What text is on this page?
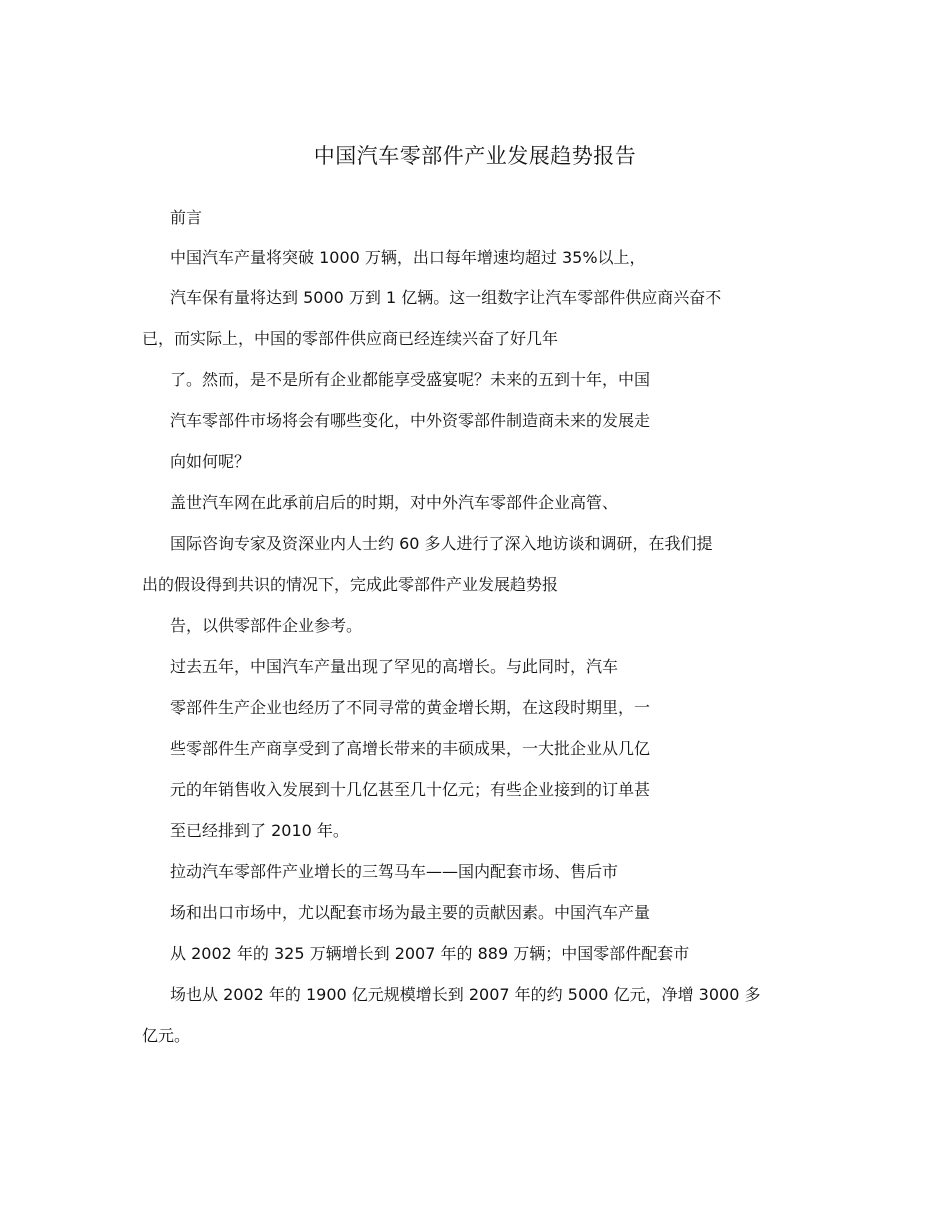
中国汽车零部件产业发展趋势报告
前言
中国汽车产量将突破 1000 万辆，出口每年增速均超过 35%以上，
汽车保有量将达到 5000 万到 1 亿辆。这一组数字让汽车零部件供应商兴奋不
已，而实际上，中国的零部件供应商已经连续兴奋了好几年
了。然而，是不是所有企业都能享受盛宴呢？未来的五到十年，中国
汽车零部件市场将会有哪些变化，中外资零部件制造商未来的发展走
向如何呢？
盖世汽车网在此承前启后的时期，对中外汽车零部件企业高管、
国际咨询专家及资深业内人士约 60 多人进行了深入地访谈和调研，在我们提
出的假设得到共识的情况下，完成此零部件产业发展趋势报
告，以供零部件企业参考。
过去五年，中国汽车产量出现了罕见的高增长。与此同时，汽车
零部件生产企业也经历了不同寻常的黄金增长期，在这段时期里，一
些零部件生产商享受到了高增长带来的丰硕成果，一大批企业从几亿
元的年销售收入发展到十几亿甚至几十亿元；有些企业接到的订单甚
至已经排到了 2010 年。
拉动汽车零部件产业增长的三驾马车——国内配套市场、售后市
场和出口市场中，尤以配套市场为最主要的贡献因素。中国汽车产量
从 2002 年的 325 万辆增长到 2007 年的 889 万辆；中国零部件配套市
场也从 2002 年的 1900 亿元规模增长到 2007 年的约 5000 亿元，净增 3000 多
亿元。
